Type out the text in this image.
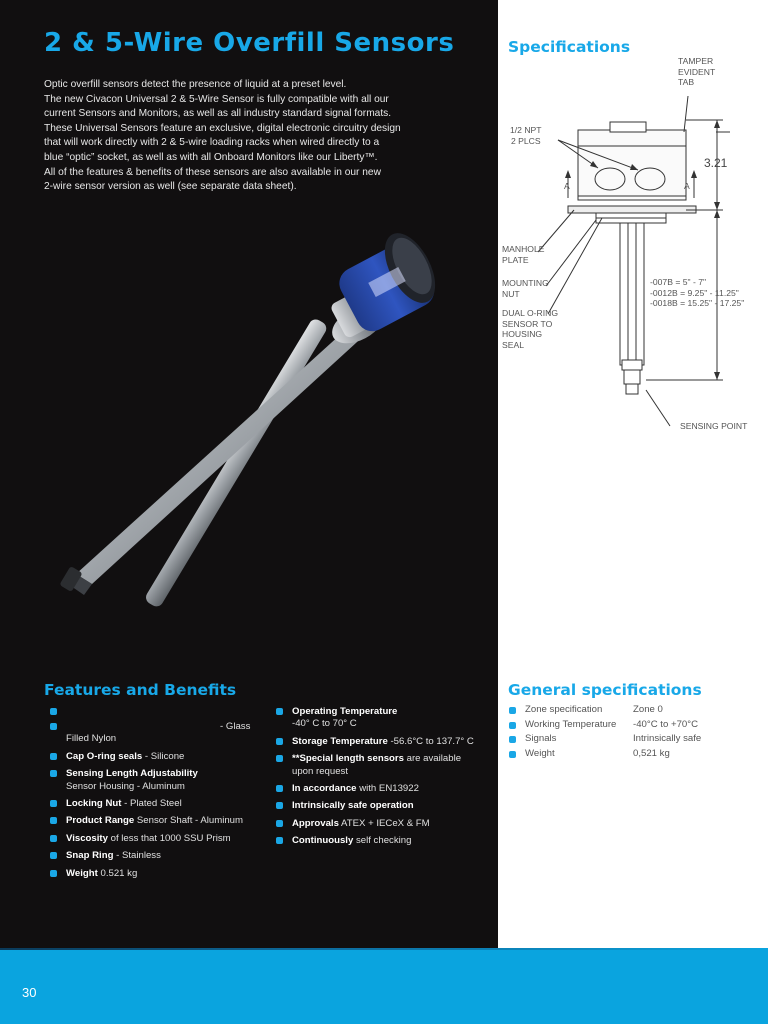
2 & 5-Wire Overfill Sensors

Optic overfill sensors detect the presence of liquid at a preset level.

The new Civacon Universal 2 & 5-Wire Sensor is fully compatible with all our

current Sensors and Monitors, as well as all industry standard signal formats.

These Universal Sensors feature an exclusive, digital electronic circuitry design

that will work directly with 2 & 5-wire loading racks when wired directly to a

blue “optic” socket, as well as with all Onboard Monitors like our Liberty™.

All of the features & benefits of these sensors are also available in our new

2-wire sensor version as well (see separate data sheet).

Specifications
TAMPER
EVIDENT
TAB
1/2 NPT
2 PLCS
3.21
A	A
MANHOLE
PLATE
MOUNTING
NUT
DUAL O-RING
SENSOR TO
HOUSING
SEAL
-007B = 5" - 7"
-0012B = 9.25" - 11.25"
-0018B = 15.25" - 17.25"
SENSING POINT
Features and Benefits
- Glass
Filled Nylon
Cap O-ring seals - Silicone
Sensing Length Adjustability
Sensor Housing - Aluminum
Locking Nut - Plated Steel
Product Range Sensor Shaft - Aluminum
Viscosity of less that 1000 SSU Prism
Snap Ring - Stainless
Weight 0.521 kg
Operating Temperature
-40° C to 70° C
Storage Temperature -56.6°C to 137.7° C
**Special length sensors are available upon request
In accordance with EN13922
Intrinsically safe operation
Approvals ATEX + IECeX & FM
Continuously self checking
General specifications
	Zone specification	Zone 0

	Working Temperature	-40°C to +70°C

	Signals	Intrinsically safe

	Weight	0,521 kg
30
